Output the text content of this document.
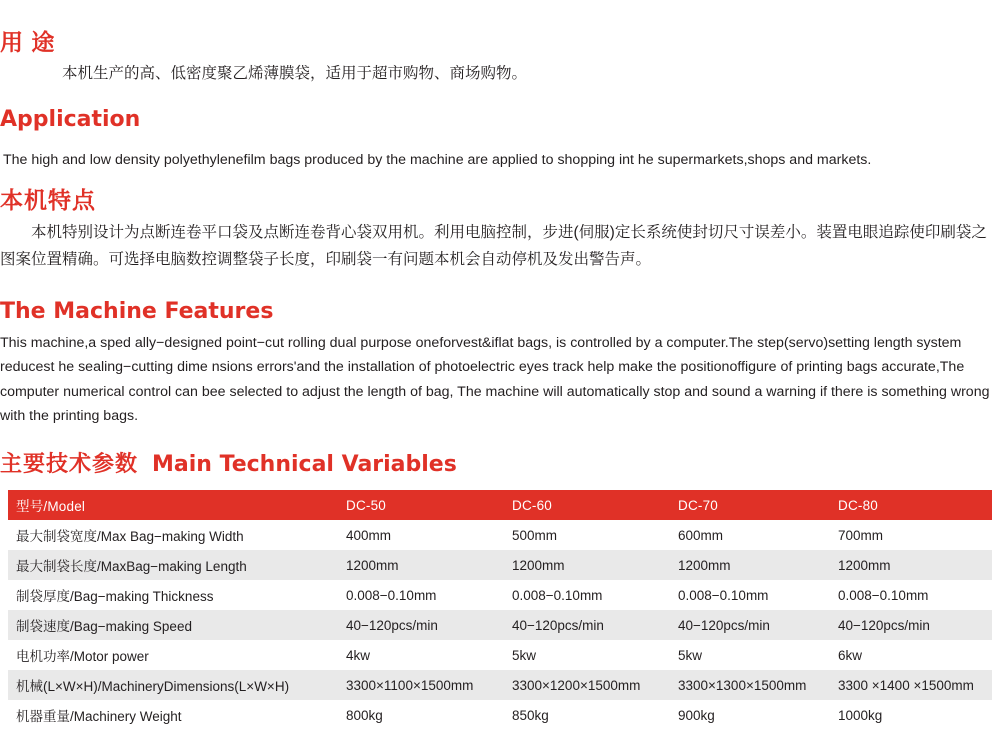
用 途

本机生产的高、低密度聚乙烯薄膜袋，适用于超市购物、商场购物。

Application

The high and low density polyethylenefilm bags produced by the machine are applied to shopping int he supermarkets,shops and markets.

本机特点

本机特别设计为点断连卷平口袋及点断连卷背心袋双用机。利用电脑控制，步进(伺服)定长系统使封切尺寸误差小。装置电眼追踪使印刷袋之图案位置精确。可选择电脑数控调整袋子长度，印刷袋一有问题本机会自动停机及发出警告声。

The Machine Features

This machine,a sped ally−designed point−cut rolling dual purpose oneforvest&iflat bags, is controlled by a computer.The step(servo)setting length system reducest he sealing−cutting dime nsions errors'and the installation of photoelectric eyes track help make the positionoffigure of printing bags accurate,The computer numerical control can bee selected to adjust the length of bag, The machine will automatically stop and sound a warning if there is something wrong with the printing bags.

主要技术参数 Main Technical Variables
型号/Model	DC-50	DC-60	DC-70	DC-80
最大制袋宽度/Max Bag−making Width	400mm	500mm	600mm	700mm
最大制袋长度/MaxBag−making Length	1200mm	1200mm	1200mm	1200mm
制袋厚度/Bag−making Thickness	0.008−0.10mm	0.008−0.10mm	0.008−0.10mm	0.008−0.10mm
制袋速度/Bag−making Speed	40−120pcs/min	40−120pcs/min	40−120pcs/min	40−120pcs/min
电机功率/Motor power	4kw	5kw	5kw	6kw
机械(L×W×H)/MachineryDimensions(L×W×H)	3300×1100×1500mm	3300×1200×1500mm	3300×1300×1500mm	3300 ×1400 ×1500mm
机器重量/Machinery Weight	800kg	850kg	900kg	1000kg
